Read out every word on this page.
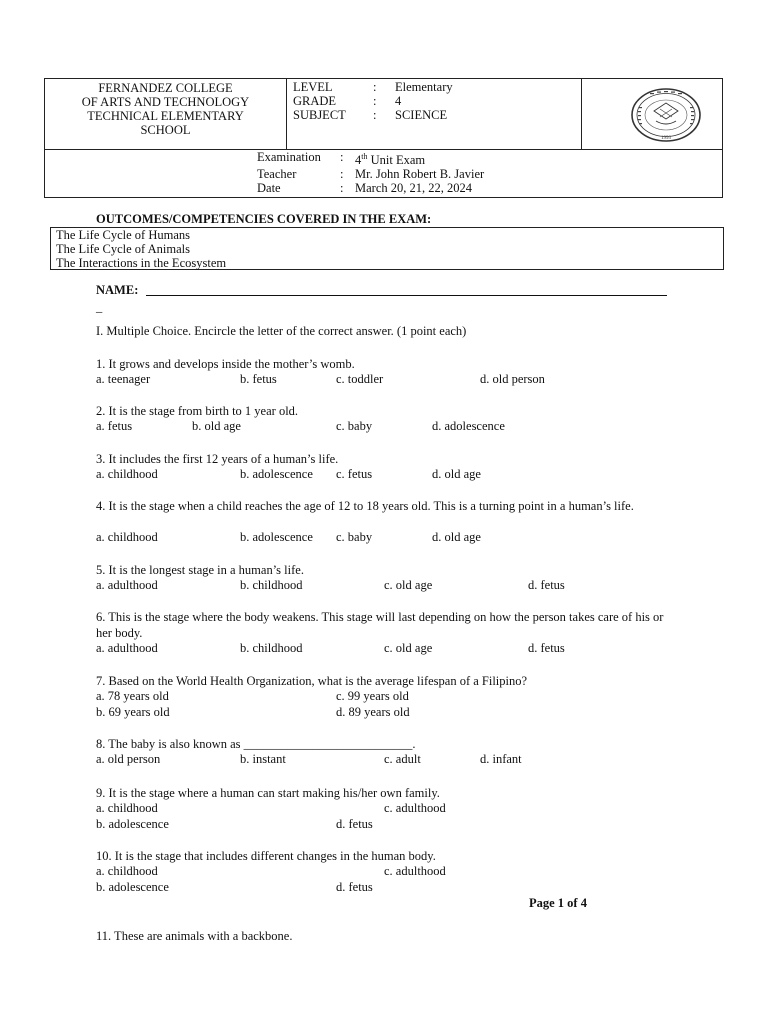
FERNANDEZ COLLEGE
OF ARTS AND TECHNOLOGY
TECHNICAL ELEMENTARY
SCHOOL
LEVEL	:	Elementary
GRADE	:	4
SUBJECT	:	SCIENCE
1993
Examination	: 4th Unit Exam
Teacher	: Mr. John Robert B. Javier
Date	: March 20, 21, 22, 2024
OUTCOMES/COMPETENCIES COVERED IN THE EXAM:
The Life Cycle of Humans
The Life Cycle of Animals
The Interactions in the Ecosystem
NAME:
_
I. Multiple Choice. Encircle the letter of the correct answer. (1 point each)
1. It grows and develops inside the mother’s womb.
a. teenager	b. fetus	c. toddler	d. old person
2. It is the stage from birth to 1 year old.
a. fetus	b. old age	c. baby	d. adolescence
3. It includes the first 12 years of a human’s life.
a. childhood	b. adolescence c. fetus	d. old age
4. It is the stage when a child reaches the age of 12 to 18 years old. This is a turning point in a human’s life.
a. childhood	b. adolescence c. baby	d. old age
5. It is the longest stage in a human’s life.
a. adulthood	b. childhood	c. old age	d. fetus
6. This is the stage where the body weakens. This stage will last depending on how the person takes care of his or her body.
a. adulthood	b. childhood	c. old age	d. fetus
7. Based on the World Health Organization, what is the average lifespan of a Filipino?
a. 78 years old	c. 99 years old
b. 69 years old	d. 89 years old
8. The baby is also known as ___________________________.
a. old person	b. instant	c. adult	d. infant
9. It is the stage where a human can start making his/her own family.
a. childhood	c. adulthood
b. adolescence	d. fetus
10. It is the stage that includes different changes in the human body.
a. childhood	c. adulthood
b. adolescence	d. fetus
Page 1 of 4
11. These are animals with a backbone.
